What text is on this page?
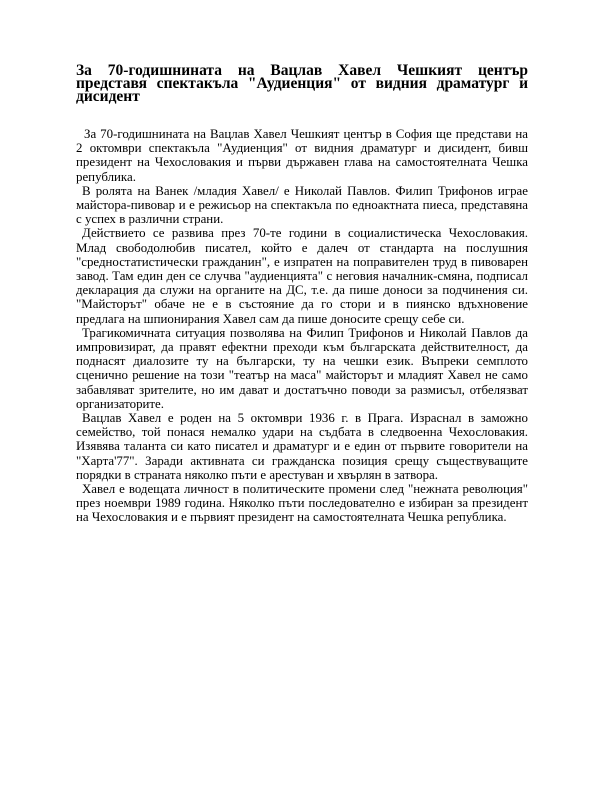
За 70-годишнината на Вацлав Хавел Чешкият център представя спектакъла "Аудиенция" от видния драматург и дисидент

За 70-годишнината на Вацлав Хавел Чешкият център в София ще представи на 2 октомври спектакъла "Аудиенция" от видния драматург и дисидент, бивш президент на Чехословакия и първи държавен глава на самостоятелната Чешка република.

В ролята на Ванек /младия Хавел/ е Николай Павлов. Филип Трифонов играе майстора-пивовар и е режисьор на спектакъла по едноактната пиеса, представяна с успех в различни страни.

Действието се развива през 70-те години в социалистическа Чехословакия. Млад свободолюбив писател, който е далеч от стандарта на послушния "средностатистически гражданин", е изпратен на поправителен труд в пивоварен завод. Там един ден се случва "аудиенцията" с неговия началник-смяна, подписал декларация да служи на органите на ДС, т.е. да пише доноси за подчинения си. "Майсторът" обаче не е в състояние да го стори и в пиянско вдъхновение предлага на шпионирания Хавел сам да пише доносите срещу себе си.

Трагикомичната ситуация позволява на Филип Трифонов и Николай Павлов да импровизират, да правят ефектни преходи към българската действителност, да поднасят диалозите ту на български, ту на чешки език. Въпреки семплото сценично решение на този "театър на маса" майсторът и младият Хавел не само забавляват зрителите, но им дават и достатъчно поводи за размисъл, отбелязват организаторите.

Вацлав Хавел е роден на 5 октомври 1936 г. в Прага. Израснал в заможно семейство, той понася немалко удари на съдбата в следвоенна Чехословакия. Изявява таланта си като писател и драматург и е един от първите говорители на "Харта'77". Заради активната си гражданска позиция срещу съществуващите порядки в страната няколко пъти е арестуван и хвърлян в затвора.

Хавел е водещата личност в политическите промени след "нежната революция" през ноември 1989 година. Няколко пъти последователно е избиран за президент на Чехословакия и е първият президент на самостоятелната Чешка република.
